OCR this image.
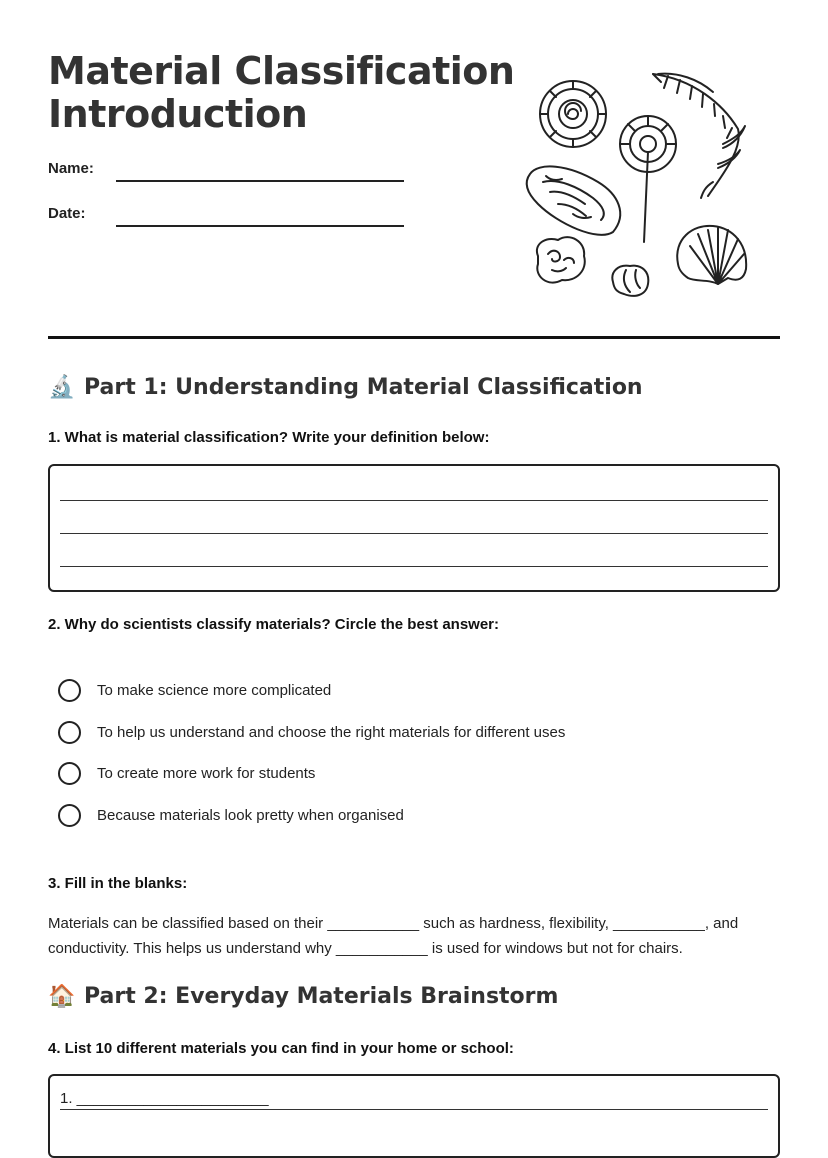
Material Classification
Introduction
Name:
Date:
🔬 Part 1: Understanding Material Classification
1. What is material classification? Write your definition below:
2. Why do scientists classify materials? Circle the best answer:
To make science more complicated
To help us understand and choose the right materials for different uses
To create more work for students
Because materials look pretty when organised
3. Fill in the blanks:
Materials can be classified based on their ___________ such as hardness, flexibility, ___________, and
conductivity. This helps us understand why ___________ is used for windows but not for chairs.
🏠 Part 2: Everyday Materials Brainstorm
4. List 10 different materials you can find in your home or school:
1. _______________________
